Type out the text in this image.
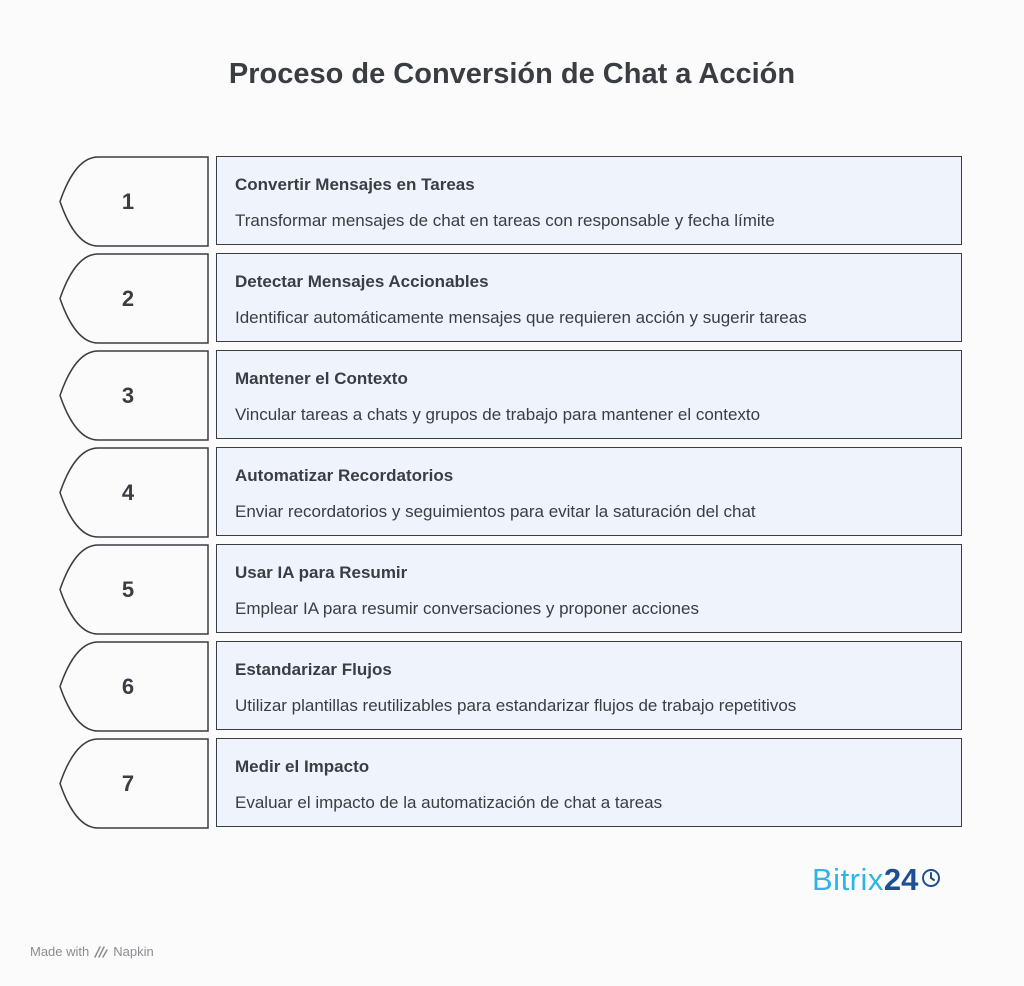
Proceso de Conversión de Chat a Acción
1
Convertir Mensajes en Tareas
Transformar mensajes de chat en tareas con responsable y fecha límite
2
Detectar Mensajes Accionables
Identificar automáticamente mensajes que requieren acción y sugerir tareas
3
Mantener el Contexto
Vincular tareas a chats y grupos de trabajo para mantener el contexto
4
Automatizar Recordatorios
Enviar recordatorios y seguimientos para evitar la saturación del chat
5
Usar IA para Resumir
Emplear IA para resumir conversaciones y proponer acciones
6
Estandarizar Flujos
Utilizar plantillas reutilizables para estandarizar flujos de trabajo repetitivos
7
Medir el Impacto
Evaluar el impacto de la automatización de chat a tareas
Bitrix 24
Made with Napkin
